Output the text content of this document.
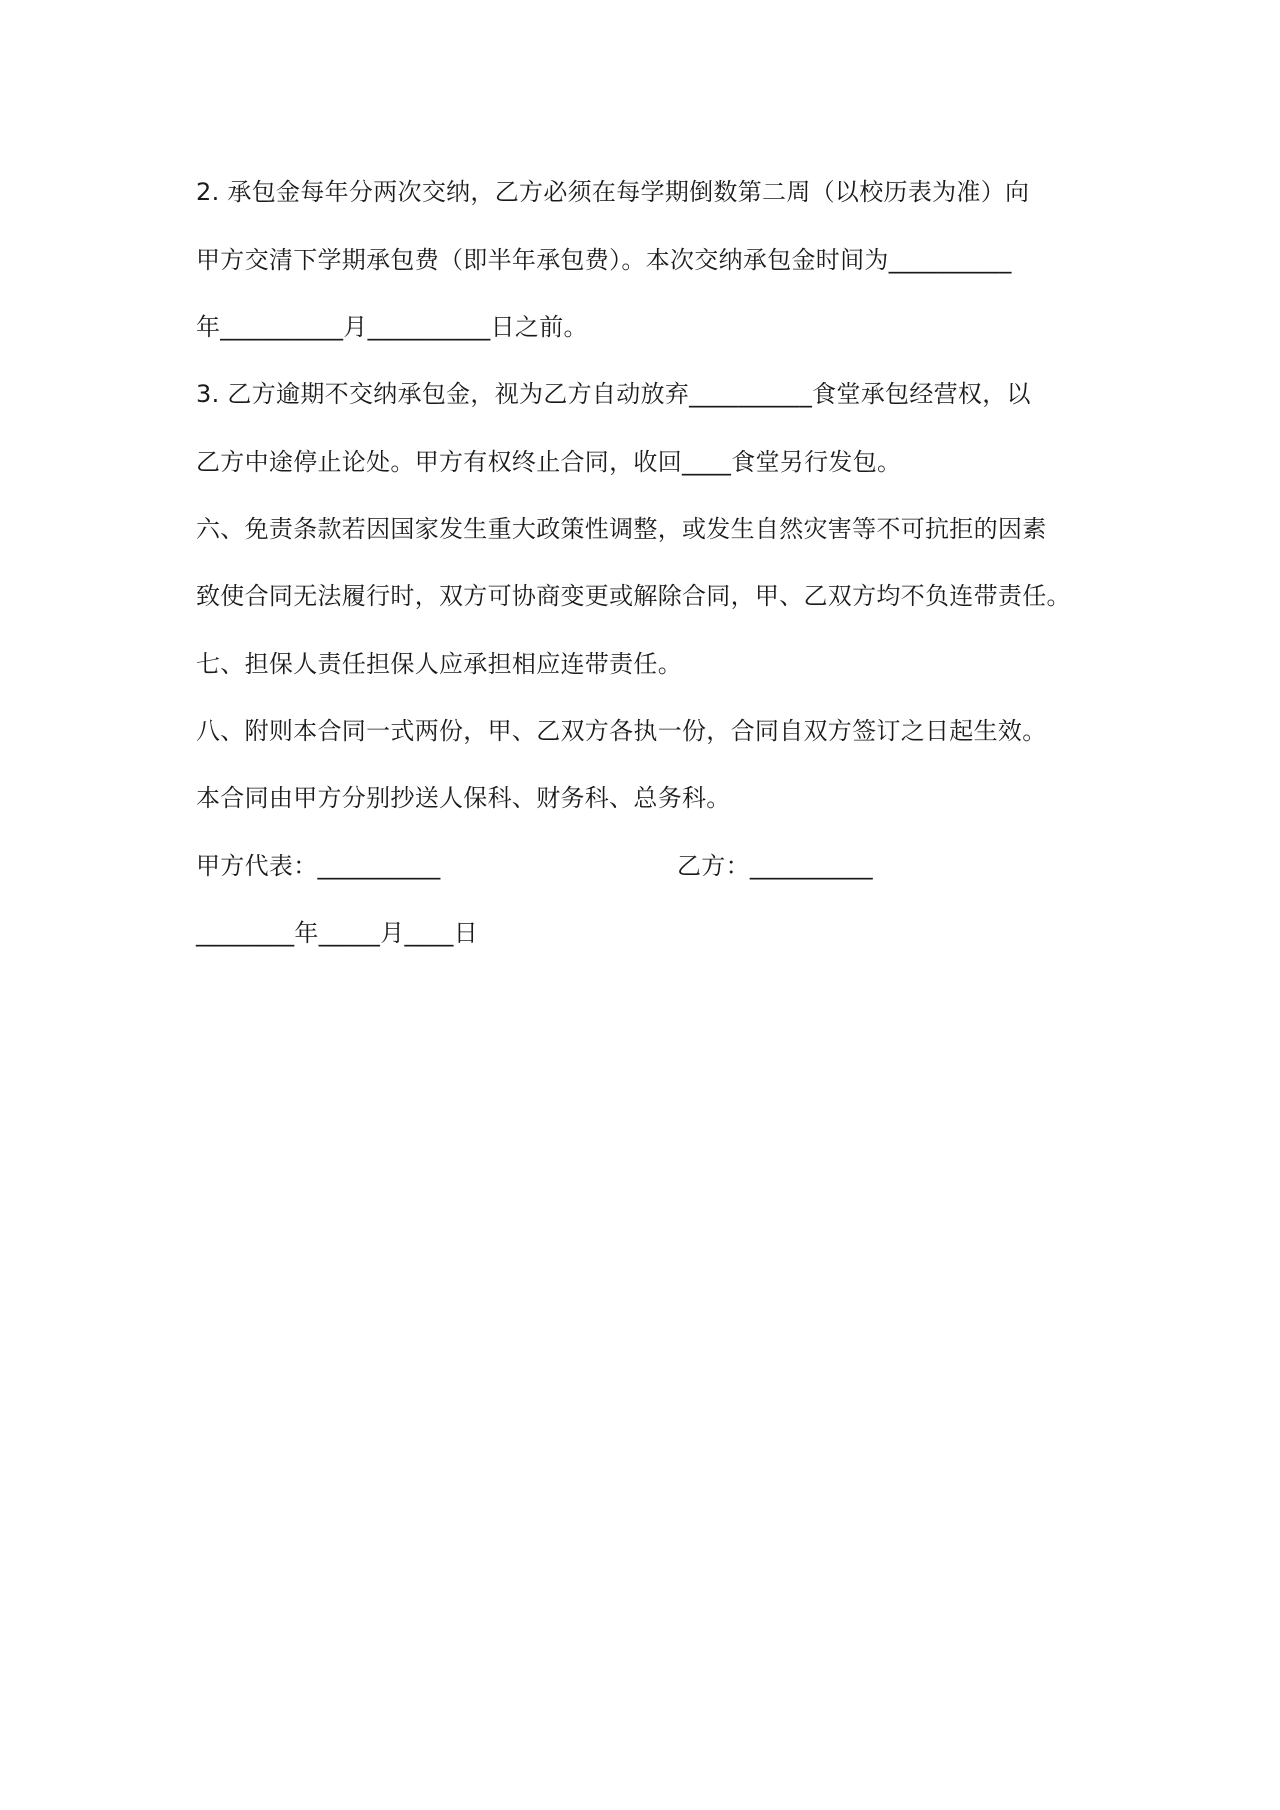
2. 承包金每年分两次交纳，乙方必须在每学期倒数第二周（以校历表为准）向
甲方交清下学期承包费（即半年承包费）。本次交纳承包金时间为__________
年__________月__________日之前。
3. 乙方逾期不交纳承包金，视为乙方自动放弃__________食堂承包经营权，以
乙方中途停止论处。甲方有权终止合同，收回____食堂另行发包。
六、免责条款若因国家发生重大政策性调整，或发生自然灾害等不可抗拒的因素
致使合同无法履行时，双方可协商变更或解除合同，甲、乙双方均不负连带责任。
七、担保人责任担保人应承担相应连带责任。
八、附则本合同一式两份，甲、乙双方各执一份，合同自双方签订之日起生效。
本合同由甲方分别抄送人保科、财务科、总务科。
甲方代表：__________	乙方：__________
________年_____月____日
